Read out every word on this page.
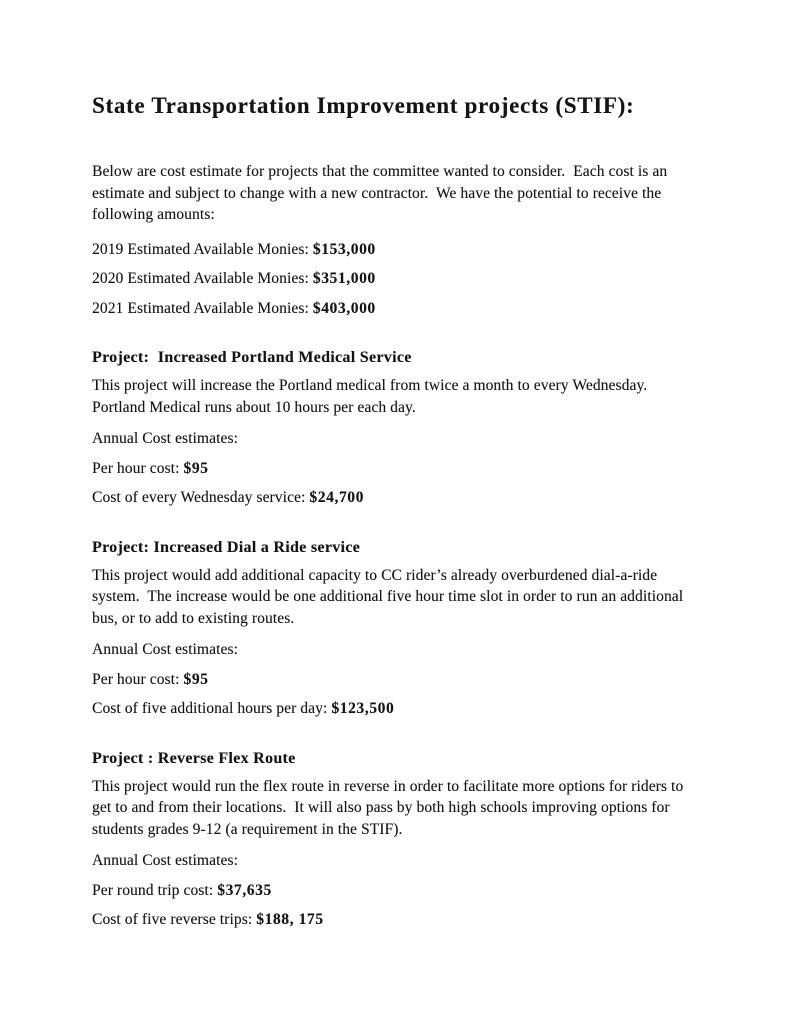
State Transportation Improvement projects (STIF):

Below are cost estimate for projects that the committee wanted to consider.  Each cost is an estimate and subject to change with a new contractor.  We have the potential to receive the following amounts:

2019 Estimated Available Monies: $153,000

2020 Estimated Available Monies: $351,000

2021 Estimated Available Monies: $403,000

Project:  Increased Portland Medical Service

This project will increase the Portland medical from twice a month to every Wednesday. Portland Medical runs about 10 hours per each day.

Annual Cost estimates:

Per hour cost: $95

Cost of every Wednesday service: $24,700

Project: Increased Dial a Ride service

This project would add additional capacity to CC rider’s already overburdened dial-a-ride system.  The increase would be one additional five hour time slot in order to run an additional bus, or to add to existing routes.

Annual Cost estimates:

Per hour cost: $95

Cost of five additional hours per day: $123,500

Project : Reverse Flex Route

This project would run the flex route in reverse in order to facilitate more options for riders to get to and from their locations.  It will also pass by both high schools improving options for students grades 9-12 (a requirement in the STIF).

Annual Cost estimates:

Per round trip cost: $37,635

Cost of five reverse trips: $188, 175
